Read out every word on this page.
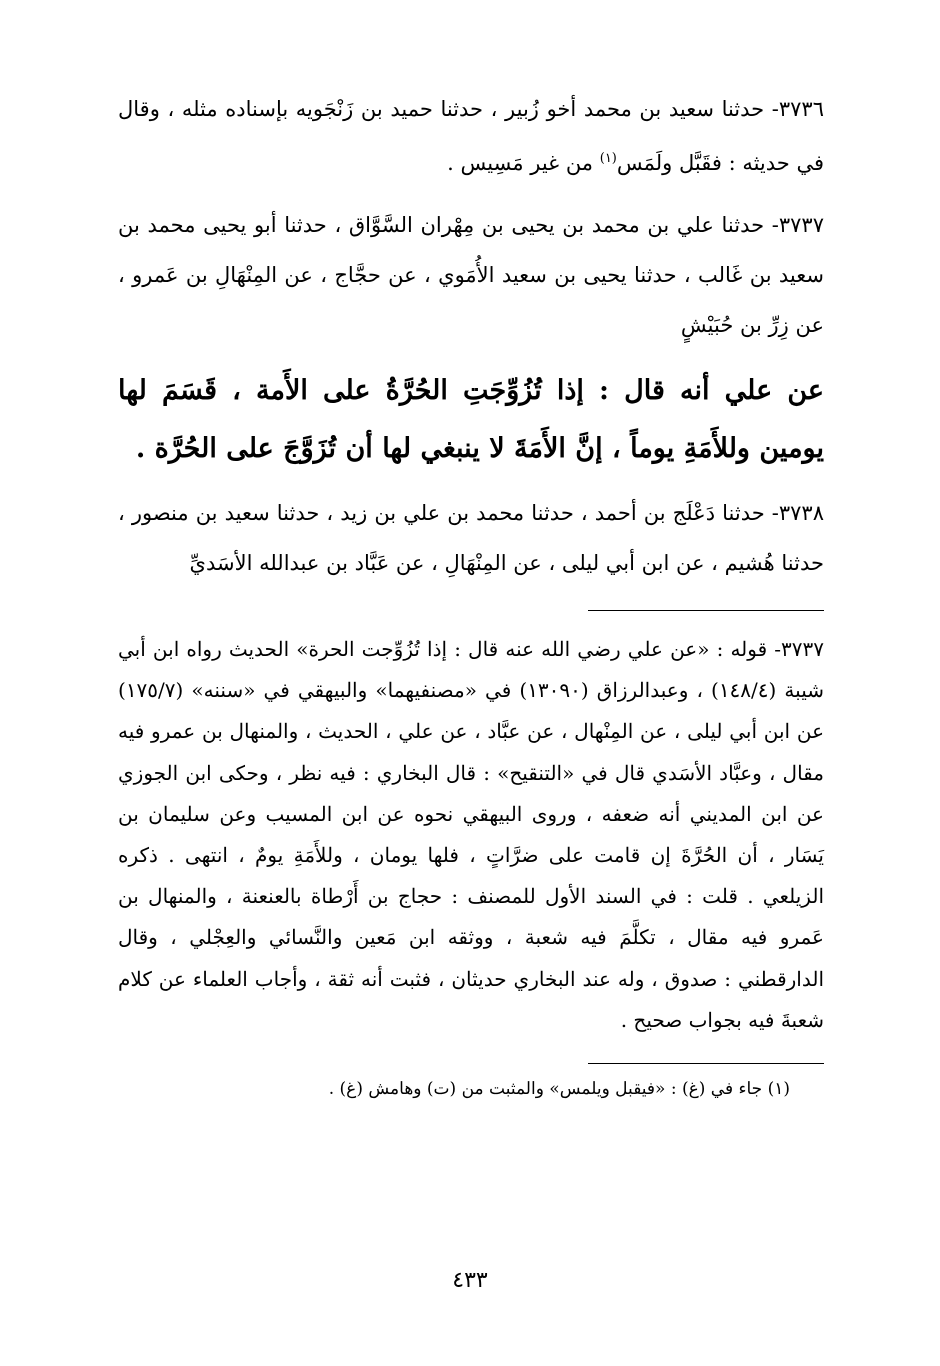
٣٧٣٦- حدثنا سعيد بن محمد أخو زُبير ، حدثنا حميد بن زَنْجَويه بإسناده مثله ، وقال في حديثه : فقَبَّل ولَمَس$^{(١)}$ من غير مَسِيس .

٣٧٣٧- حدثنا علي بن محمد بن يحيى بن مِهْران السَّوَّاق ، حدثنا أبو يحيى محمد بن سعيد بن غَالب ، حدثنا يحيى بن سعيد الأُمَوي ، عن حجَّاج ، عن المِنْهَالِ بن عَمرو ، عن زِرِّ بن حُبَيْشٍ

عن علي أنه قال : إذا تُزُوِّجَتِ الحُرَّةُ على الأَمة ، قَسَمَ لها يومين وللأَمَةِ يوماً ، إنَّ الأَمَةَ لا ينبغي لها أن تُزَوَّجَ على الحُرَّة .

٣٧٣٨- حدثنا دَعْلَج بن أحمد ، حدثنا محمد بن علي بن زيد ، حدثنا سعيد بن منصور ، حدثنا هُشيم ، عن ابن أبي ليلى ، عن المِنْهَالِ ، عن عَبَّاد بن عبدالله الأسَديِّ

٣٧٣٧- قوله : «عن علي رضي الله عنه قال : إذا تُزُوِّجت الحرة» الحديث رواه ابن أبي شيبة (١٤٨/٤) ، وعبدالرزاق (١٣٠٩٠) في «مصنفيهما» والبيهقي في «سننه» (١٧٥/٧) عن ابن أبي ليلى ، عن المِنْهال ، عن عبَّاد ، عن علي ، الحديث ، والمنهال بن عمرو فيه مقال ، وعبَّاد الأسَدي قال في «التنقيح» : قال البخاري : فيه نظر ، وحكى ابن الجوزي عن ابن المديني أنه ضعفه ، وروى البيهقي نحوه عن ابن المسيب وعن سليمان بن يَسَار ، أن الحُرَّةَ إن قامت على ضرَّاتٍ ، فلها يومان ، وللأَمَةِ يومٌ ، انتهى . ذكره الزيلعي . قلت : في السند الأول للمصنف : حجاج بن أَرْطاة بالعنعنة ، والمنهال بن عَمرو فيه مقال ، تكلَّمَ فيه شعبة ، ووثقه ابن مَعين والنَّسائي والعِجْلي ، وقال الدارقطني : صدوق ، وله عند البخاري حديثان ، فثبت أنه ثقة ، وأجاب العلماء عن كلام شعبةَ فيه بجواب صحيح .

(١) جاء في (غ) : «فيقبل ويلمس» والمثبت من (ت) وهامش (غ) .

٤٣٣
